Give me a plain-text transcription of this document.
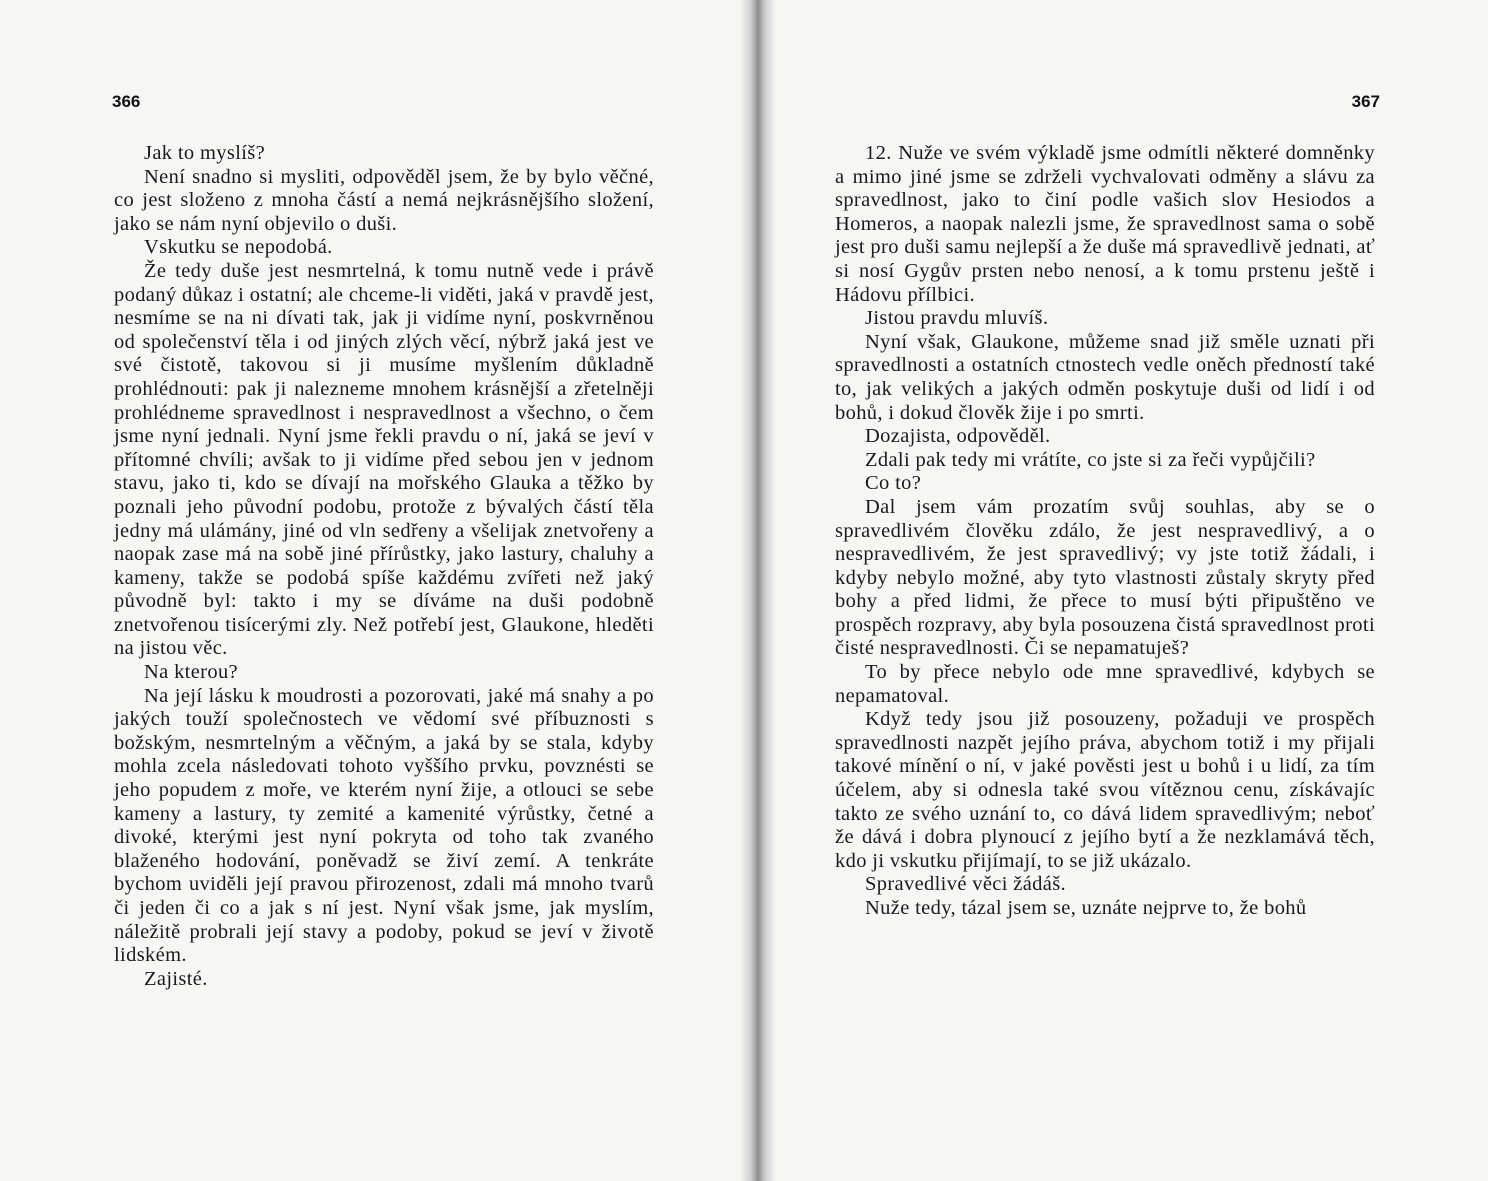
366

Jak to myslíš?

Není snadno si mysliti, odpověděl jsem, že by bylo věčné, co jest složeno z mnoha částí a nemá nejkrásnějšího složení, jako se nám nyní objevilo o duši.

Vskutku se nepodobá.

Že tedy duše jest nesmrtelná, k tomu nutně vede i právě podaný důkaz i ostatní; ale chceme-li viděti, jaká v pravdě jest, nesmíme se na ni dívati tak, jak ji vidíme nyní, poskvrněnou od společenství těla i od jiných zlých věcí, nýbrž jaká jest ve své čistotě, takovou si ji musíme myšlením důkladně prohlédnouti: pak ji nalezneme mnohem krásnější a zřetelněji prohlédneme spravedlnost i nespravedlnost a všechno, o čem jsme nyní jednali. Nyní jsme řekli pravdu o ní, jaká se jeví v přítomné chvíli; avšak to ji vidíme před sebou jen v jednom stavu, jako ti, kdo se dívají na mořského Glauka a těžko by poznali jeho původní podobu, protože z bývalých částí těla jedny má ulámány, jiné od vln sedřeny a všelijak znetvořeny a naopak zase má na sobě jiné přírůstky, jako lastury, chaluhy a kameny, takže se podobá spíše každému zvířeti než jaký původně byl: takto i my se díváme na duši podobně znetvořenou tisícerými zly. Než potřebí jest, Glaukone, hleděti na jistou věc.

Na kterou?

Na její lásku k moudrosti a pozorovati, jaké má snahy a po jakých touží společnostech ve vědomí své příbuznosti s božským, nesmrtelným a věčným, a jaká by se stala, kdyby mohla zcela následovati tohoto vyššího prvku, povznésti se jeho popudem z moře, ve kterém nyní žije, a otlouci se sebe kameny a lastury, ty zemité a kamenité výrůstky, četné a divoké, kterými jest nyní pokryta od toho tak zvaného blaženého hodování, poněvadž se živí zemí. A tenkráte bychom uviděli její pravou přirozenost, zdali má mnoho tvarů či jeden či co a jak s ní jest. Nyní však jsme, jak myslím, náležitě probrali její stavy a podoby, pokud se jeví v životě lidském.

Zajisté.

367

12. Nuže ve svém výkladě jsme odmítli některé domněnky a mimo jiné jsme se zdrželi vychvalovati odměny a slávu za spravedlnost, jako to činí podle vašich slov Hesiodos a Homeros, a naopak nalezli jsme, že spravedlnost sama o sobě jest pro duši samu nejlepší a že duše má spravedlivě jednati, ať si nosí Gygův prsten nebo nenosí, a k tomu prstenu ještě i Hádovu přílbici.

Jistou pravdu mluvíš.

Nyní však, Glaukone, můžeme snad již směle uznati při spravedlnosti a ostatních ctnostech vedle oněch předností také to, jak velikých a jakých odměn poskytuje duši od lidí i od bohů, i dokud člověk žije i po smrti.

Dozajista, odpověděl.

Zdali pak tedy mi vrátíte, co jste si za řeči vypůjčili?

Co to?

Dal jsem vám prozatím svůj souhlas, aby se o spravedlivém člověku zdálo, že jest nespravedlivý, a o nespravedlivém, že jest spravedlivý; vy jste totiž žádali, i kdyby nebylo možné, aby tyto vlastnosti zůstaly skryty před bohy a před lidmi, že přece to musí býti připuštěno ve prospěch rozpravy, aby byla posouzena čistá spravedlnost proti čisté nespravedlnosti. Či se nepamatuješ?

To by přece nebylo ode mne spravedlivé, kdybych se nepamatoval.

Když tedy jsou již posouzeny, požaduji ve prospěch spravedlnosti nazpět jejího práva, abychom totiž i my přijali takové mínění o ní, v jaké pověsti jest u bohů i u lidí, za tím účelem, aby si odnesla také svou vítěznou cenu, získávajíc takto ze svého uznání to, co dává lidem spravedlivým; neboť že dává i dobra plynoucí z jejího bytí a že nezklamává těch, kdo ji vskutku přijímají, to se již ukázalo.

Spravedlivé věci žádáš.

Nuže tedy, tázal jsem se, uznáte nejprve to, že bohů
